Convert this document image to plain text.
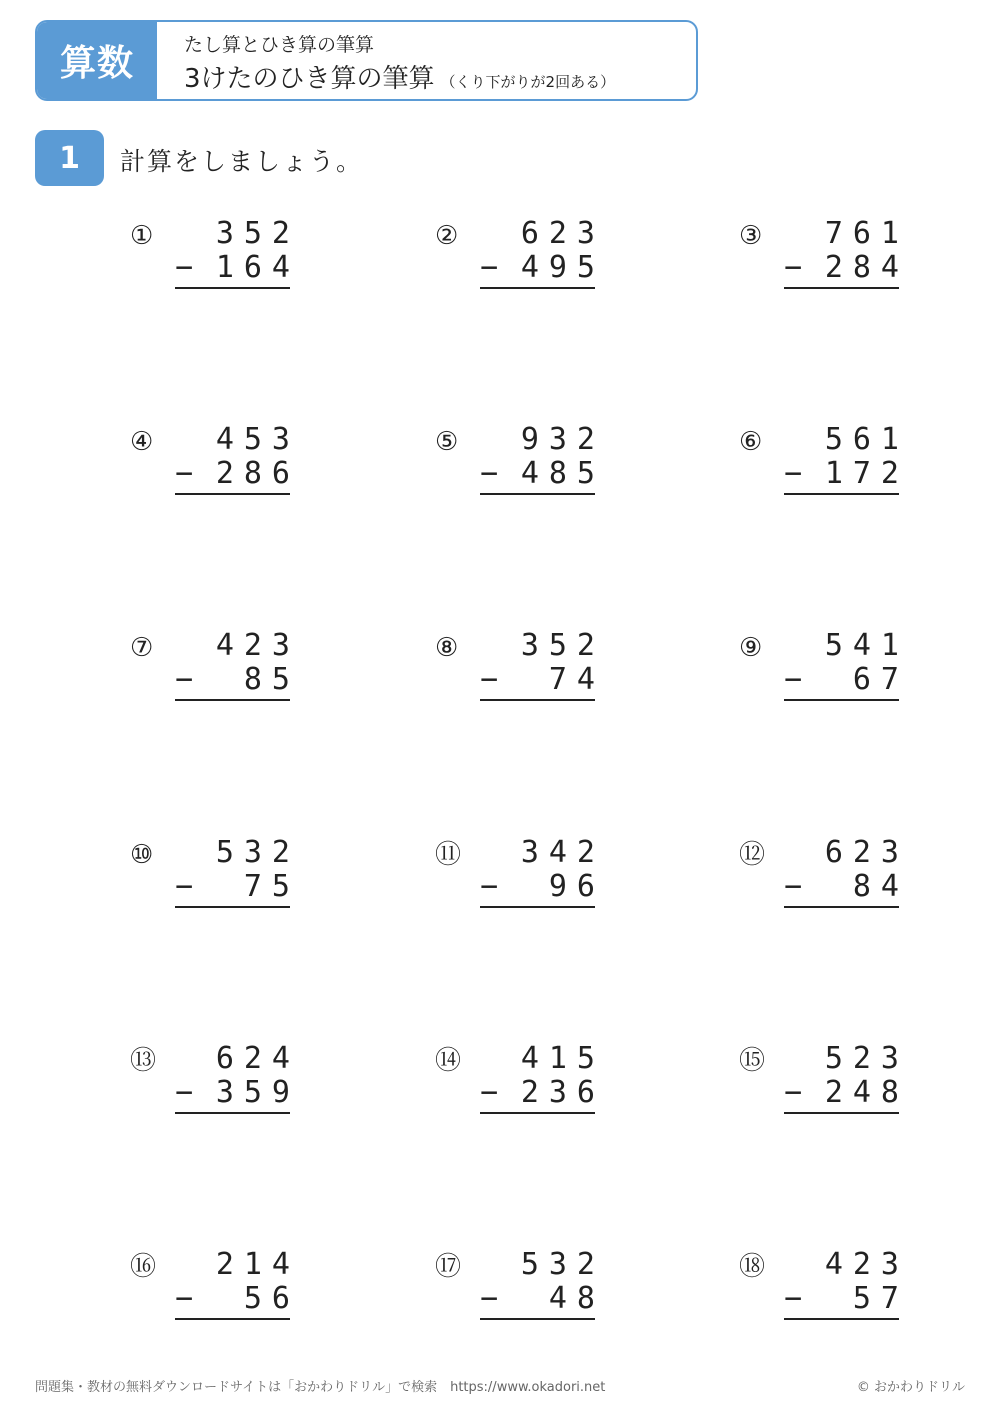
算数	たし算とひき算の筆算
3けたのひき算の筆算 （くり下がりが2回ある）
1	計算をしましょう。
① 352
− 164
② 623
− 495
③ 761
− 284
④ 453
− 286
⑤ 932
− 485
⑥ 561
− 172
⑦ 423
− 85
⑧ 352
− 74
⑨ 541
− 67
⑩ 532
− 75
⑪ 342
− 96
⑫ 623
− 84
⑬ 624
− 359
⑭ 415
− 236
⑮ 523
− 248
⑯ 214
− 56
⑰ 532
− 48
⑱ 423
− 57
問題集・教材の無料ダウンロードサイトは「おかわりドリル」で検索　https://www.okadori.net	© おかわりドリル
